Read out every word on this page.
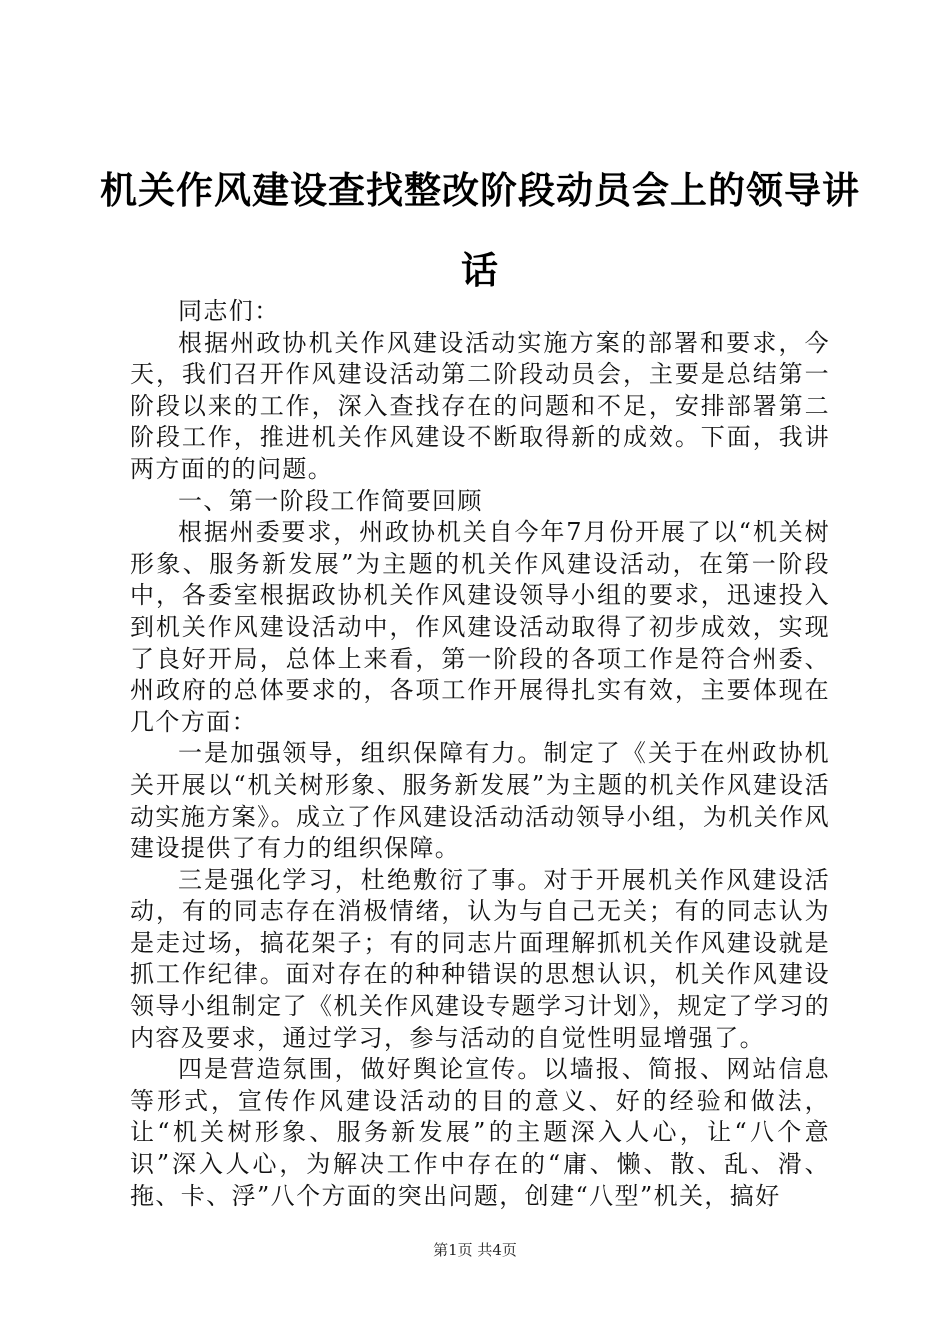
机关作风建设查找整改阶段动员会上的领导讲话

同志们：

根据州政协机关作风建设活动实施方案的部署和要求，今天，我们召开作风建设活动第二阶段动员会，主要是总结第一阶段以来的工作，深入查找存在的问题和不足，安排部署第二阶段工作，推进机关作风建设不断取得新的成效。下面，我讲两方面的的问题。

一、第一阶段工作简要回顾

根据州委要求，州政协机关自今年7月份开展了以“机关树形象、服务新发展”为主题的机关作风建设活动，在第一阶段中，各委室根据政协机关作风建设领导小组的要求，迅速投入到机关作风建设活动中，作风建设活动取得了初步成效，实现了良好开局，总体上来看，第一阶段的各项工作是符合州委、州政府的总体要求的，各项工作开展得扎实有效，主要体现在几个方面：

一是加强领导，组织保障有力。制定了《关于在州政协机关开展以“机关树形象、服务新发展”为主题的机关作风建设活动实施方案》。成立了作风建设活动活动领导小组，为机关作风建设提供了有力的组织保障。

三是强化学习，杜绝敷衍了事。对于开展机关作风建设活动，有的同志存在消极情绪，认为与自己无关；有的同志认为是走过场，搞花架子；有的同志片面理解抓机关作风建设就是抓工作纪律。面对存在的种种错误的思想认识，机关作风建设领导小组制定了《机关作风建设专题学习计划》，规定了学习的内容及要求，通过学习，参与活动的自觉性明显增强了。

四是营造氛围，做好舆论宣传。以墙报、简报、网站信息等形式，宣传作风建设活动的目的意义、好的经验和做法，让“机关树形象、服务新发展”的主题深入人心，让“八个意识”深入人心，为解决工作中存在的“庸、懒、散、乱、滑、拖、卡、浮”八个方面的突出问题，创建“八型”机关，搞好

第1页 共4页
